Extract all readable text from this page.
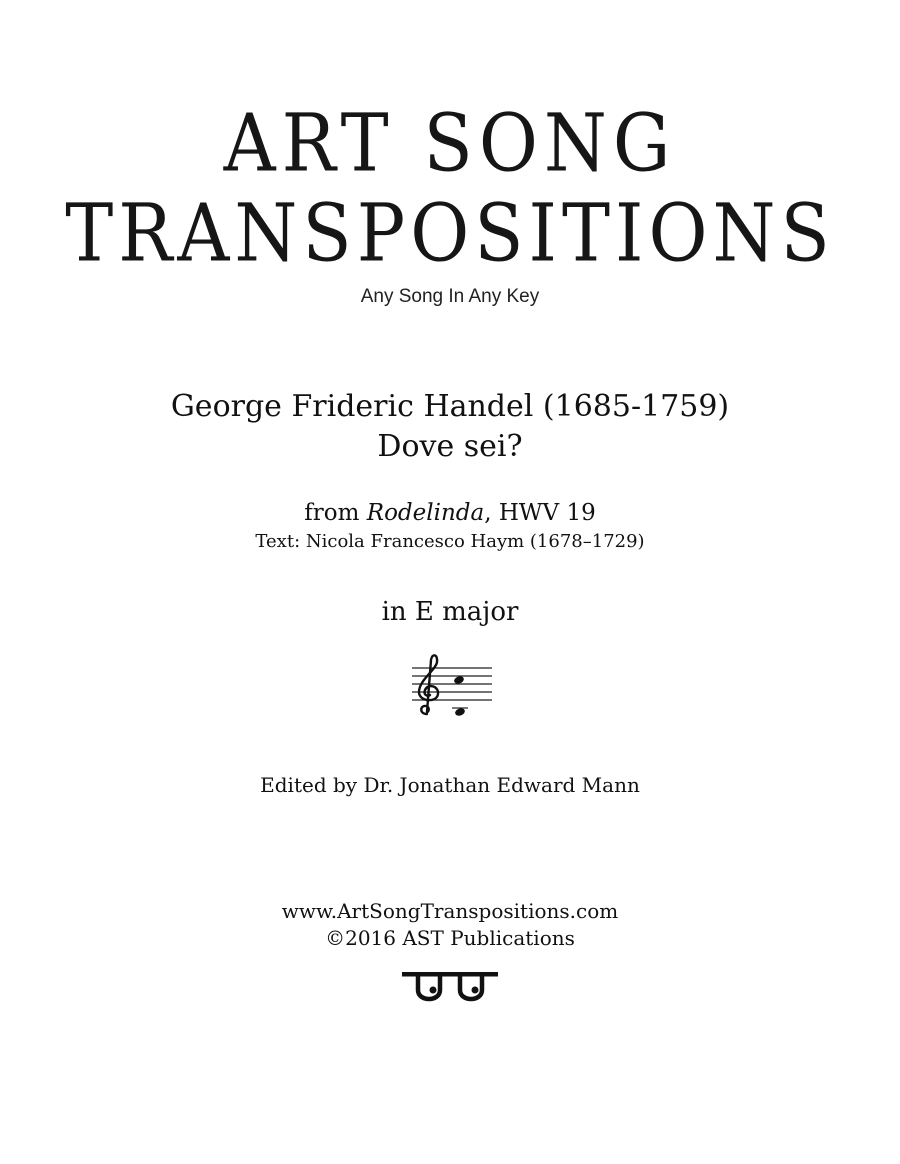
ART SONG
TRANSPOSITIONS
Any Song In Any Key
George Frideric Handel (1685-1759)
Dove sei?
from Rodelinda, HWV 19
Text: Nicola Francesco Haym (1678–1729)
in E major
Edited by Dr. Jonathan Edward Mann
www.ArtSongTranspositions.com
©2016 AST Publications
